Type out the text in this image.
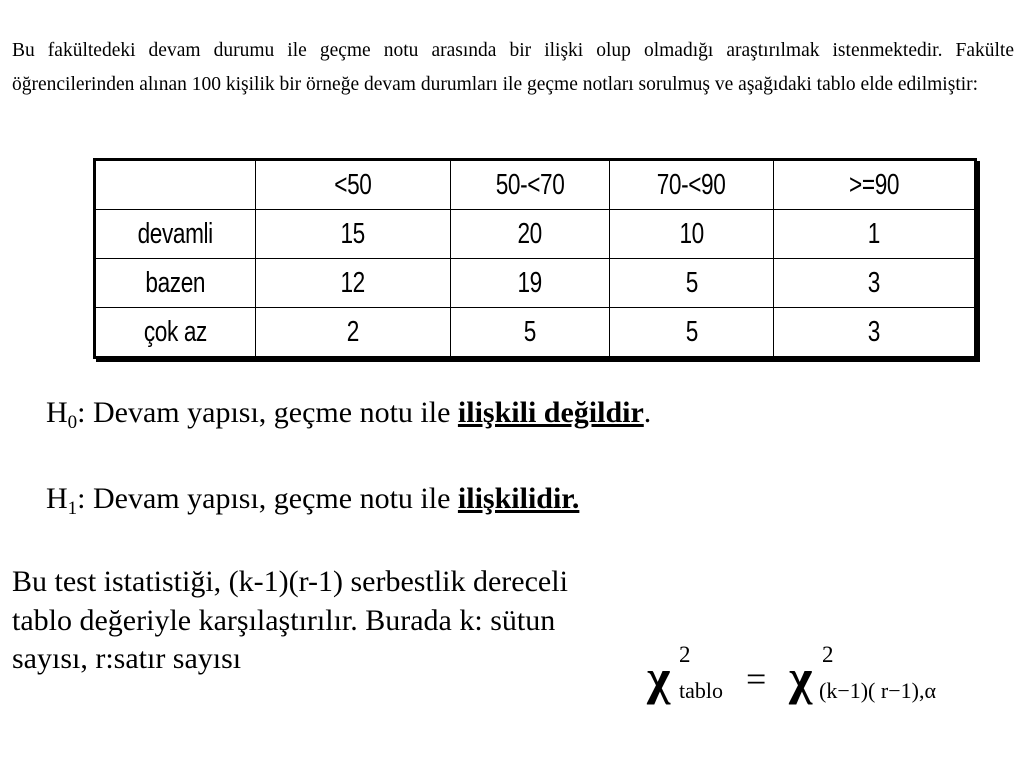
Bu fakültedeki devam durumu ile geçme notu arasında bir ilişki olup olmadığı araştırılmak istenmektedir. Fakülte öğrencilerinden alınan 100 kişilik bir örneğe devam durumları ile geçme notları sorulmuş ve aşağıdaki tablo elde edilmiştir:
	<50	50-<70	70-<90	>=90
devamli	15	20	10	1
bazen	12	19	5	3
çok az	2	5	5	3
$H_0$: Devam yapısı, geçme notu ile ilişkili değildir.
$H_1$: Devam yapısı, geçme notu ile ilişkilidir.
Bu test istatistiği, (k-1)(r-1) serbestlik dereceli tablo değeriyle karşılaştırılır. Burada k: sütun sayısı, r:satır sayısı	χ 2
tablo = χ 2
(k−1)( r−1),α
